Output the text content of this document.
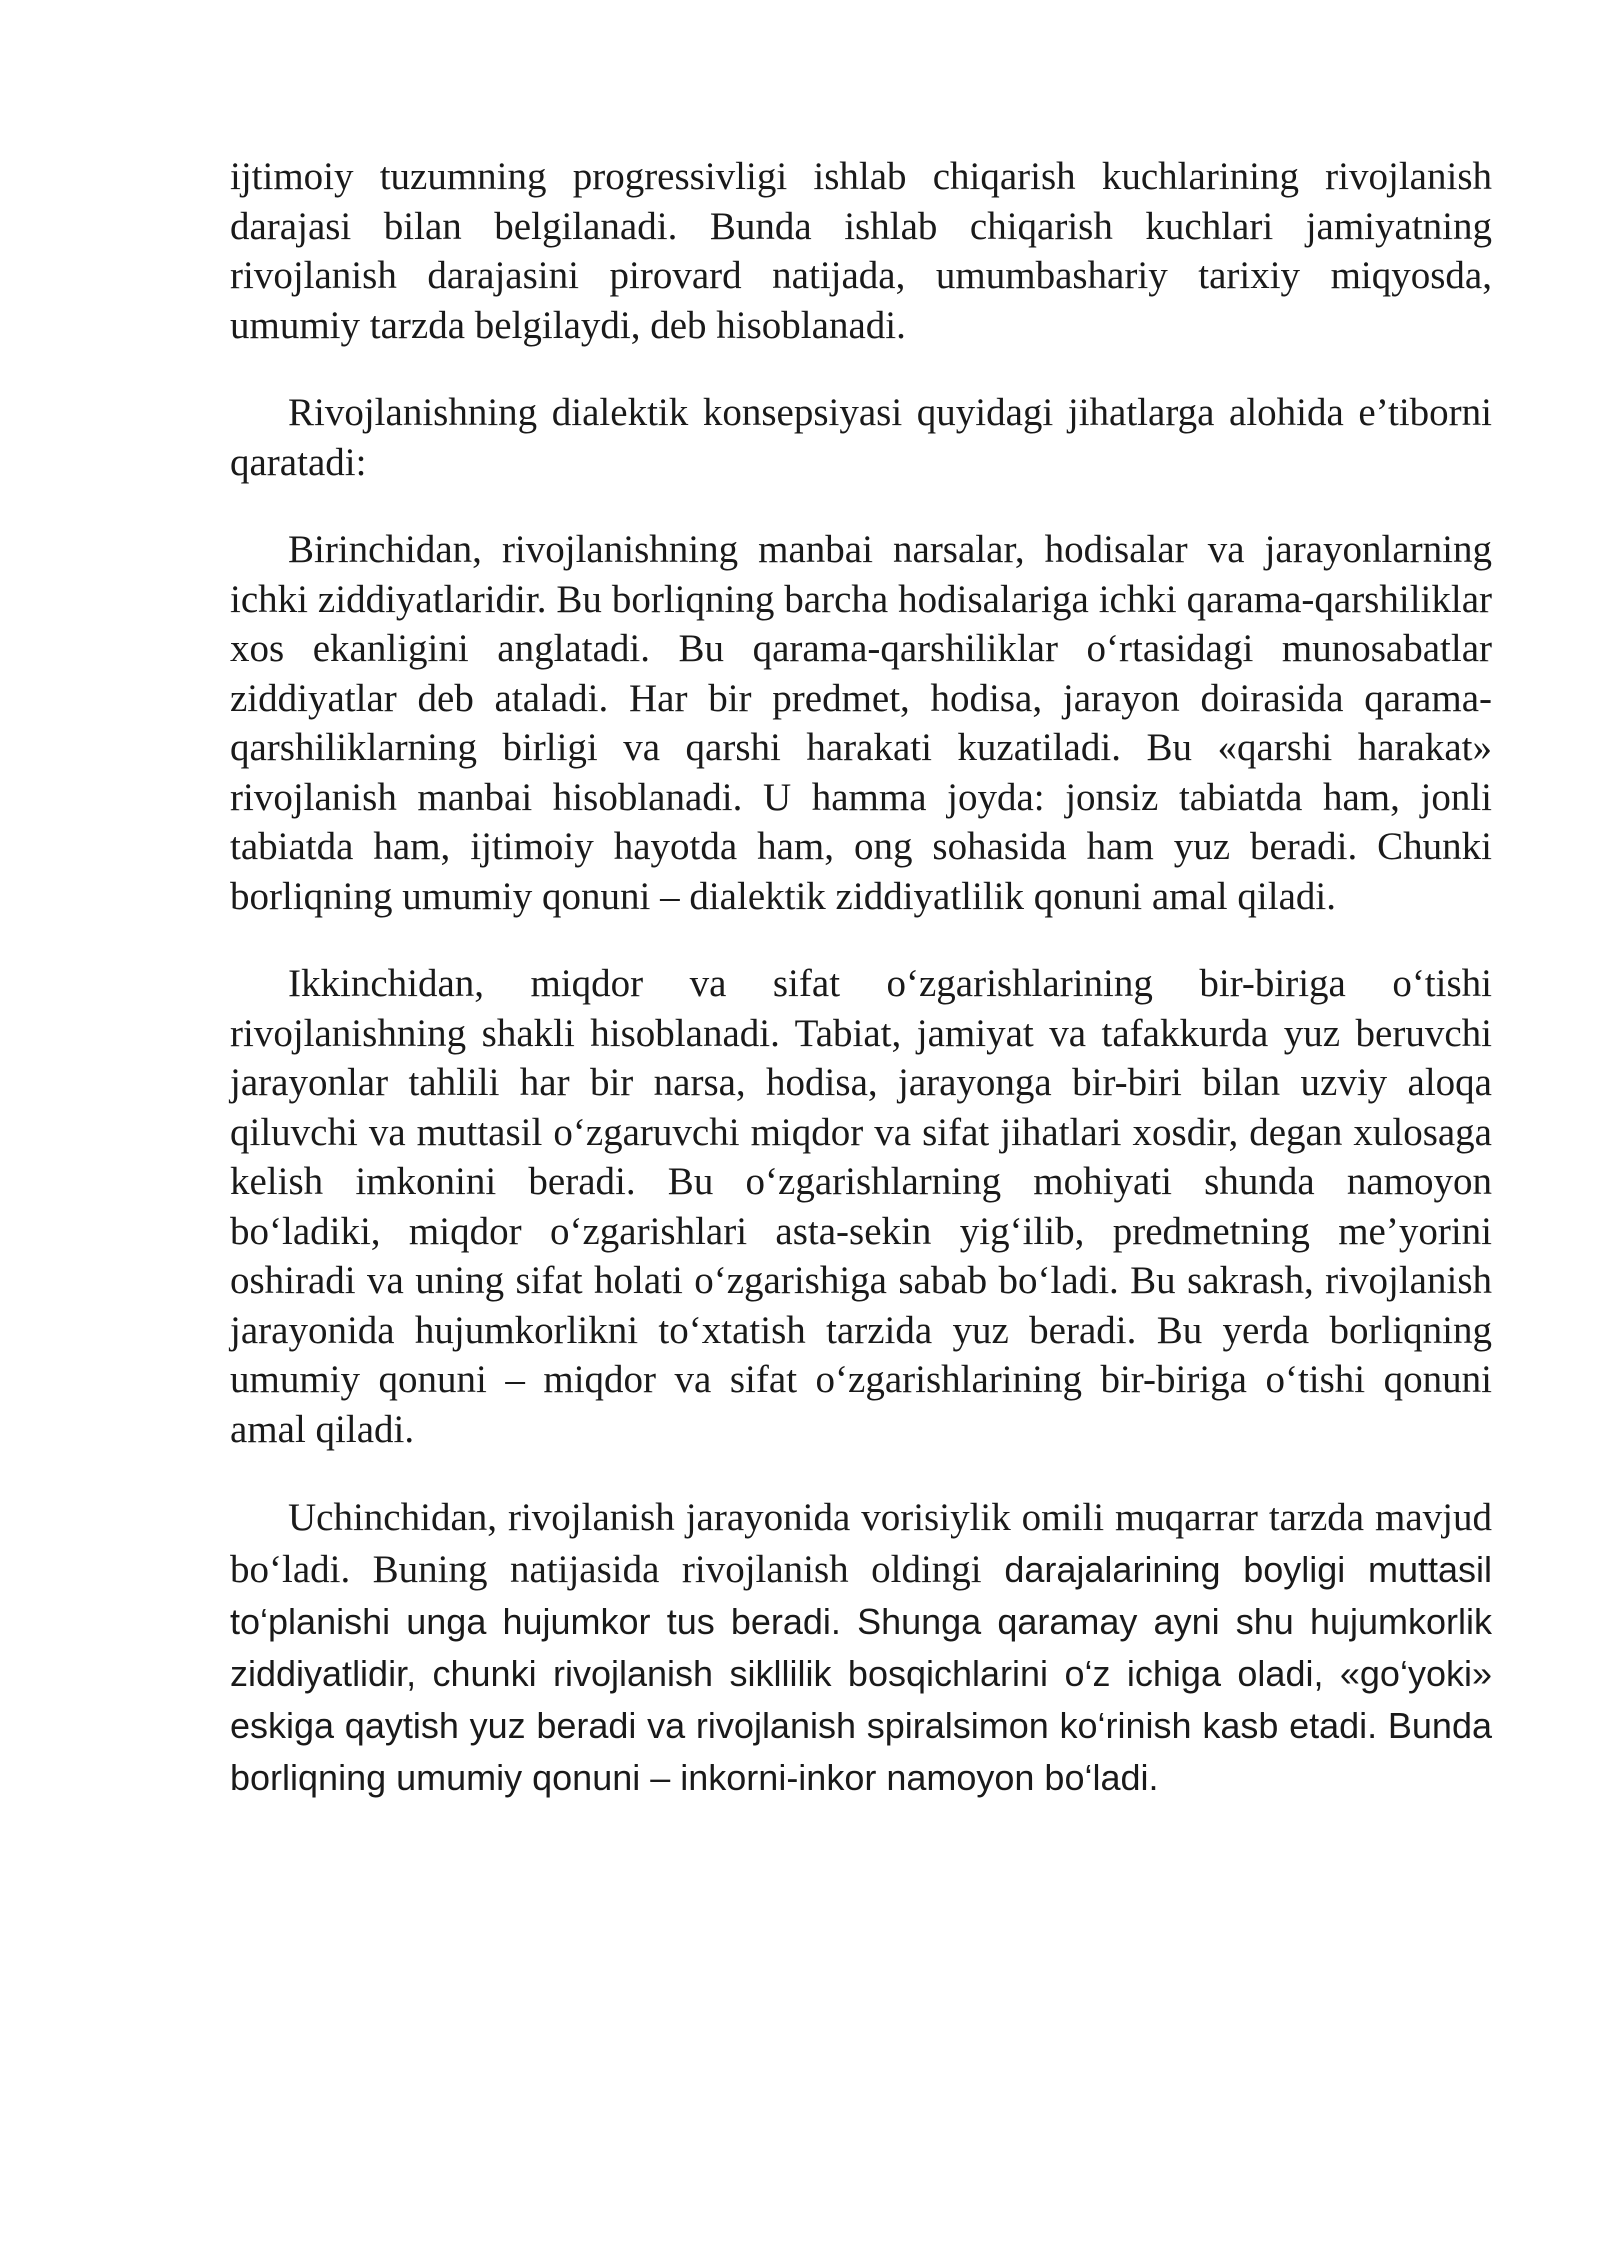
ijtimoiy tuzumning progressivligi ishlab chiqarish kuchlarining rivojlanish darajasi bilan belgilanadi. Bunda ishlab chiqarish kuchlari jamiyatning rivojlanish darajasini pirovard natijada, umumbashariy tarixiy miqyosda, umumiy tarzda belgilaydi, deb hisoblanadi.

Rivojlanishning dialektik konsepsiyasi quyidagi jihatlarga alohida e’tiborni qaratadi:

Birinchidan, rivojlanishning manbai narsalar, hodisalar va jarayonlarning ichki ziddiyatlaridir. Bu borliqning barcha hodisalariga ichki qarama-qarshiliklar xos ekanligini anglatadi. Bu qarama-qarshiliklar o‘rtasidagi munosabatlar ziddiyatlar deb ataladi. Har bir predmet, hodisa, jarayon doirasida qarama-qarshiliklarning birligi va qarshi harakati kuzatiladi. Bu «qarshi harakat» rivojlanish manbai hisoblanadi. U hamma joyda: jonsiz tabiatda ham, jonli tabiatda ham, ijtimoiy hayotda ham, ong sohasida ham yuz beradi. Chunki borliqning umumiy qonuni – dialektik ziddiyatlilik qonuni amal qiladi.

Ikkinchidan, miqdor va sifat o‘zgarishlarining bir-biriga o‘tishi rivojlanishning shakli hisoblanadi. Tabiat, jamiyat va tafakkurda yuz beruvchi jarayonlar tahlili har bir narsa, hodisa, jarayonga bir-biri bilan uzviy aloqa qiluvchi va muttasil o‘zgaruvchi miqdor va sifat jihatlari xosdir, degan xulosaga kelish imkonini beradi. Bu o‘zgarishlarning mohiyati shunda namoyon bo‘ladiki, miqdor o‘zgarishlari asta-sekin yig‘ilib, predmetning me’yorini oshiradi va uning sifat holati o‘zgarishiga sabab bo‘ladi. Bu sakrash, rivojlanish jarayonida hujumkorlikni to‘xtatish tarzida yuz beradi. Bu yerda borliqning umumiy qonuni – miqdor va sifat o‘zgarishlarining bir-biriga o‘tishi qonuni amal qiladi.

Uchinchidan, rivojlanish jarayonida vorisiylik omili muqarrar tarzda mavjud bo‘ladi. Buning natijasida rivojlanish oldingi darajalarining boyligi muttasil to‘planishi unga hujumkor tus beradi. Shunga qaramay ayni shu hujumkorlik ziddiyatlidir, chunki rivojlanish sikllilik bosqichlarini o‘z ichiga oladi, «go‘yoki» eskiga qaytish yuz beradi va rivojlanish spiralsimon ko‘rinish kasb etadi. Bunda borliqning umumiy qonuni – inkorni-inkor namoyon bo‘ladi.
